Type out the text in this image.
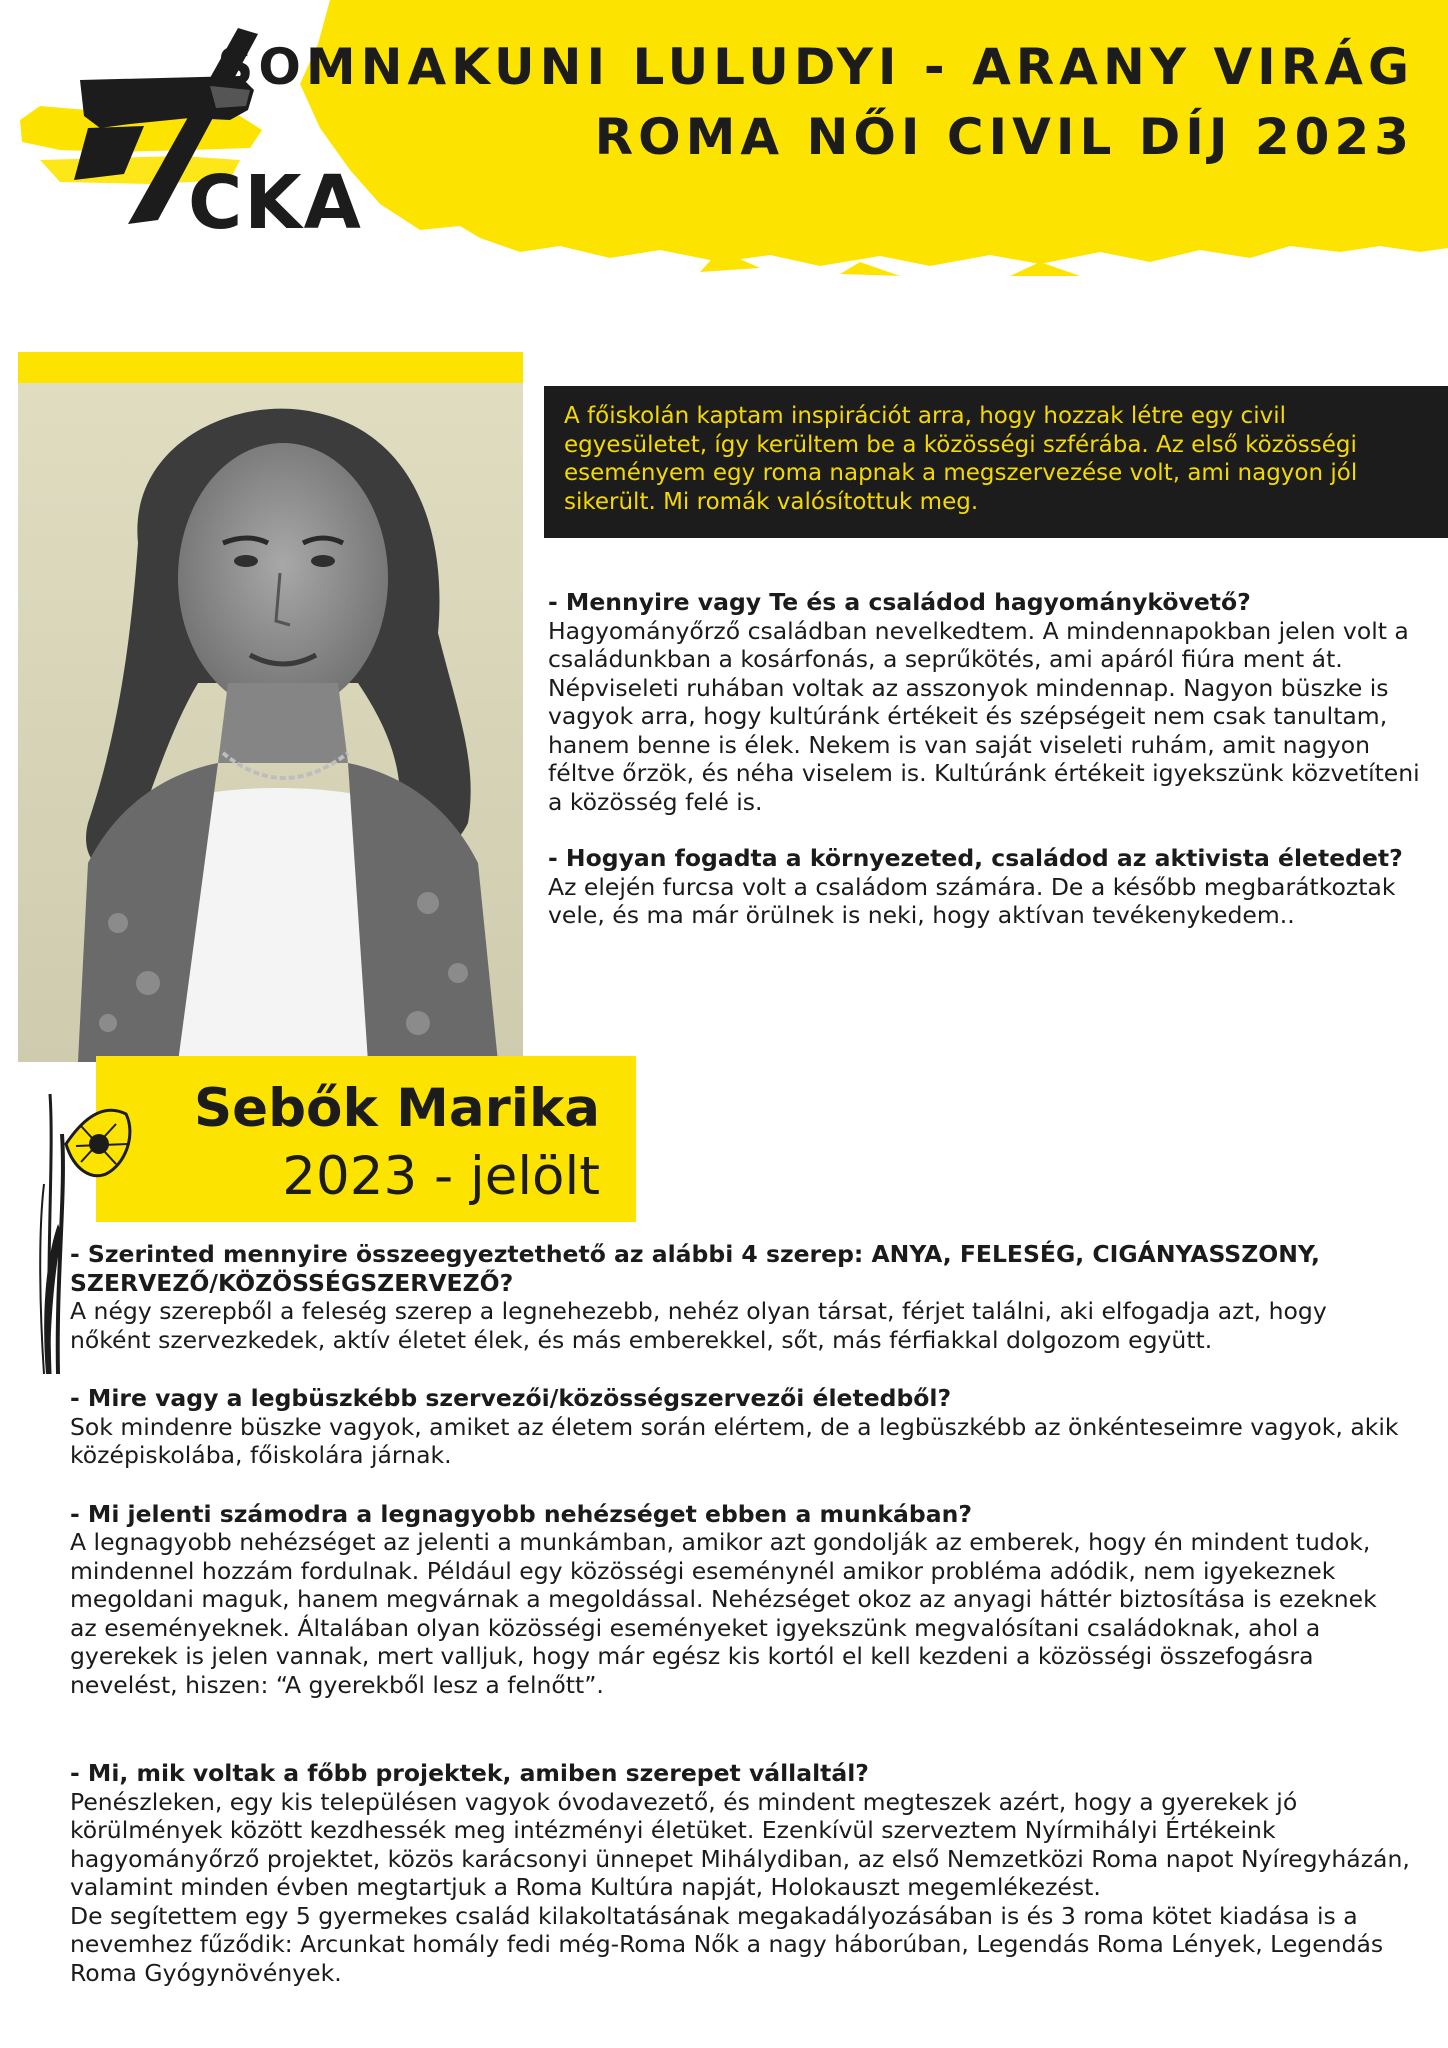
CKA
SOMNAKUNI LULUDYI - ARANY VIRÁG
ROMA NŐI CIVIL DÍJ 2023
A főiskolán kaptam inspirációt arra, hogy hozzak létre egy civil egyesületet, így kerültem be a közösségi szférába. Az első közösségi eseményem egy roma napnak a megszervezése volt, ami nagyon jól sikerült. Mi romák valósítottuk meg.

- Mennyire vagy Te és a családod hagyománykövető?

Hagyományőrző családban nevelkedtem. A mindennapokban jelen volt a családunkban a kosárfonás, a seprűkötés, ami apáról fiúra ment át. Népviseleti ruhában voltak az asszonyok mindennap. Nagyon büszke is vagyok arra, hogy kultúránk értékeit és szépségeit nem csak tanultam, hanem benne is élek. Nekem is van saját viseleti ruhám, amit nagyon féltve őrzök, és néha viselem is. Kultúránk értékeit igyekszünk közvetíteni a közösség felé is.

- Hogyan fogadta a környezeted, családod az aktivista életedet?

Az elején furcsa volt a családom számára. De a később megbarátkoztak vele, és ma már örülnek is neki, hogy aktívan tevékenykedem..

Sebők Marika
2023 - jelölt

- Szerinted mennyire összeegyeztethető az alábbi 4 szerep: ANYA, FELESÉG, CIGÁNYASSZONY, SZERVEZŐ/KÖZÖSSÉGSZERVEZŐ?

A négy szerepből a feleség szerep a legnehezebb, nehéz olyan társat, férjet találni, aki elfogadja azt, hogy nőként szervezkedek, aktív életet élek, és más emberekkel, sőt, más férfiakkal dolgozom együtt.

- Mire vagy a legbüszkébb szervezői/közösségszervezői életedből?

Sok mindenre büszke vagyok, amiket az életem során elértem, de a legbüszkébb az önkénteseimre vagyok, akik középiskolába, főiskolára járnak.

- Mi jelenti számodra a legnagyobb nehézséget ebben a munkában?

A legnagyobb nehézséget az jelenti a munkámban, amikor azt gondolják az emberek, hogy én mindent tudok, mindennel hozzám fordulnak. Például egy közösségi eseménynél amikor probléma adódik, nem igyekeznek megoldani maguk, hanem megvárnak a megoldással. Nehézséget okoz az anyagi háttér biztosítása is ezeknek az eseményeknek. Általában olyan közösségi eseményeket igyekszünk megvalósítani családoknak, ahol a gyerekek is jelen vannak, mert valljuk, hogy már egész kis kortól el kell kezdeni a közösségi összefogásra nevelést, hiszen: “A gyerekből lesz a felnőtt”.

- Mi, mik voltak a főbb projektek, amiben szerepet vállaltál?

Penészleken, egy kis településen vagyok óvodavezető, és mindent megteszek azért, hogy a gyerekek jó körülmények között kezdhessék meg intézményi életüket. Ezenkívül szerveztem Nyírmihályi Értékeink hagyományőrző projektet, közös karácsonyi ünnepet Mihálydiban, az első Nemzetközi Roma napot Nyíregyházán, valamint minden évben megtartjuk a Roma Kultúra napját, Holokauszt megemlékezést.

De segítettem egy 5 gyermekes család kilakoltatásának megakadályozásában is és 3 roma kötet kiadása is a nevemhez fűződik: Arcunkat homály fedi még-Roma Nők a nagy háborúban, Legendás Roma Lények, Legendás Roma Gyógynövények.
